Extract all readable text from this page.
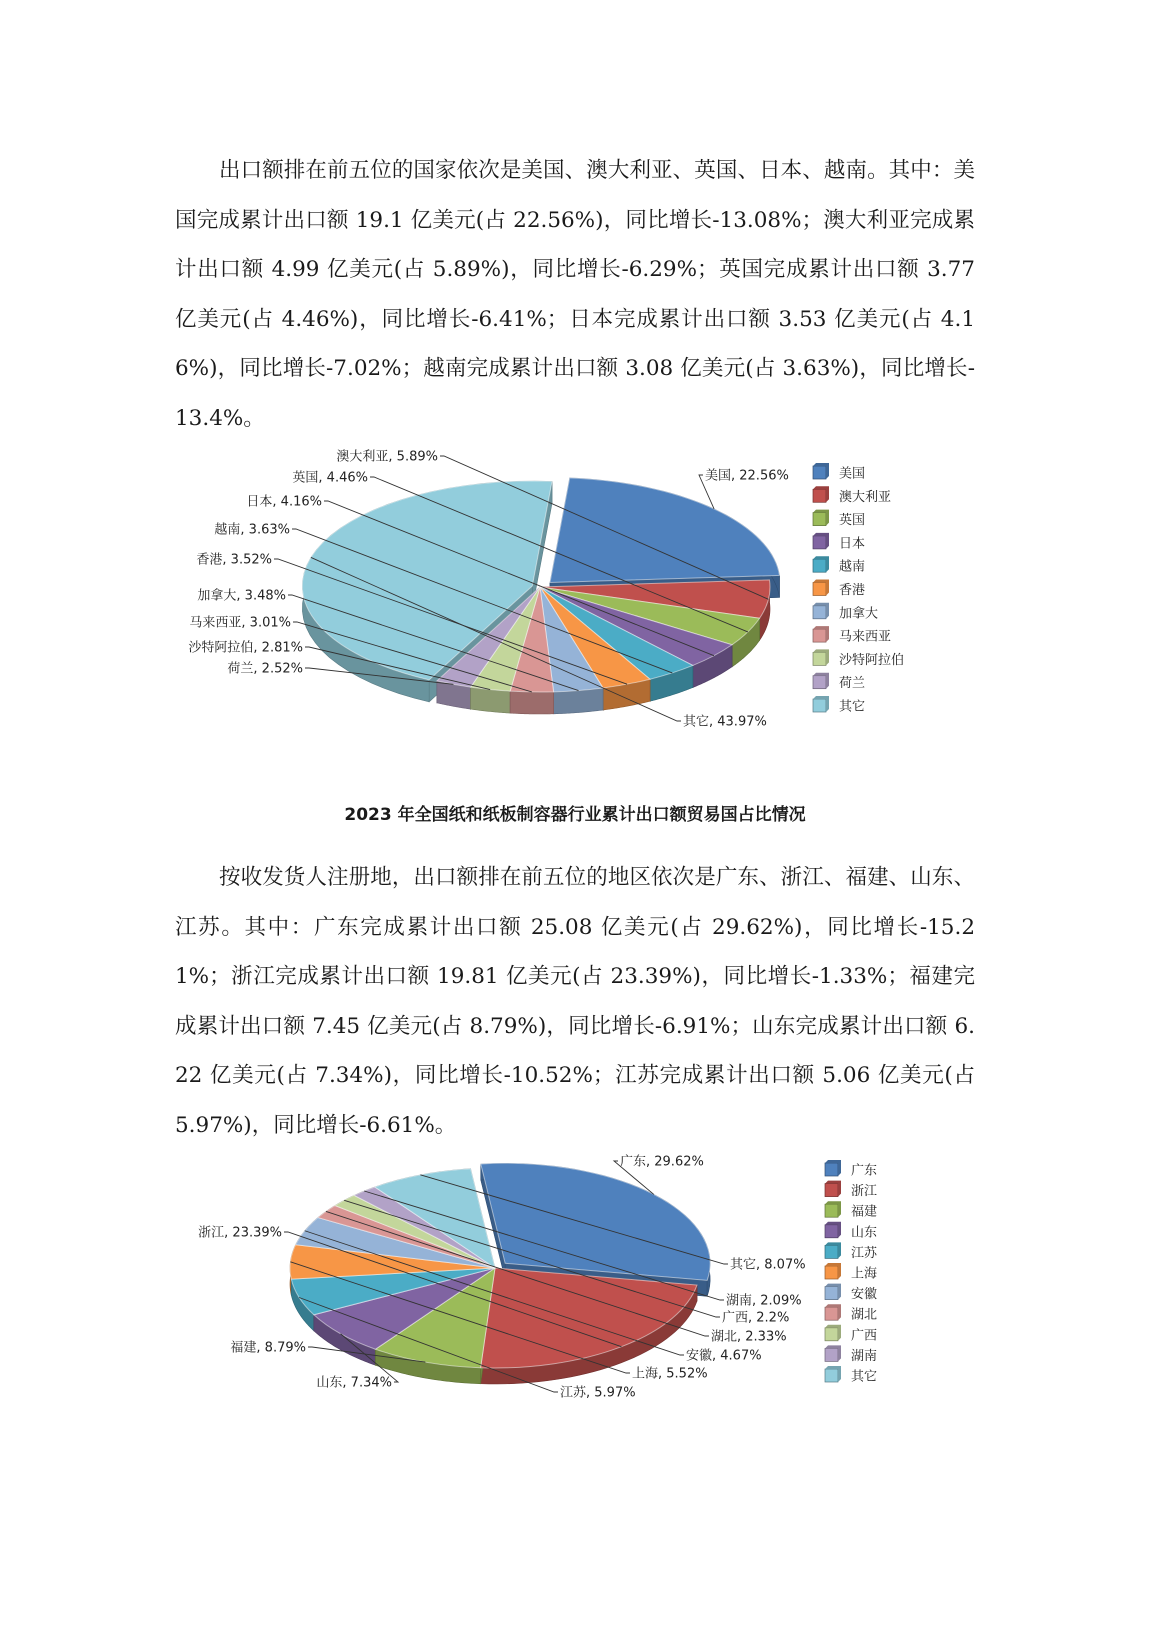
出口额排在前五位的国家依次是美国、澳大利亚、英国、日本、越南。其中：美国完成累计出口额 19.1 亿美元(占 22.56%)，同比增长-13.08%；澳大利亚完成累计出口额 4.99 亿美元(占 5.89%)，同比增长-6.29%；英国完成累计出口额 3.77 亿美元(占 4.46%)，同比增长-6.41%；日本完成累计出口额 3.53 亿美元(占 4.16%)，同比增长-7.02%；越南完成累计出口额 3.08 亿美元(占 3.63%)，同比增长-13.4%。

美国, 22.56%
澳大利亚, 5.89%
英国, 4.46%
日本, 4.16%
越南, 3.63%
香港, 3.52%
加拿大, 3.48%
马来西亚, 3.01%
沙特阿拉伯, 2.81%
荷兰, 2.52%
其它, 43.97%
美国
澳大利亚
英国
日本
越南
香港
加拿大
马来西亚
沙特阿拉伯
荷兰
其它
2023 年全国纸和纸板制容器行业累计出口额贸易国占比情况

按收发货人注册地，出口额排在前五位的地区依次是广东、浙江、福建、山东、江苏。其中：广东完成累计出口额 25.08 亿美元(占 29.62%)，同比增长-15.21%；浙江完成累计出口额 19.81 亿美元(占 23.39%)，同比增长-1.33%；福建完成累计出口额 7.45 亿美元(占 8.79%)，同比增长-6.91%；山东完成累计出口额 6.22 亿美元(占 7.34%)，同比增长-10.52%；江苏完成累计出口额 5.06 亿美元(占 5.97%)，同比增长-6.61%。

广东, 29.62%
浙江, 23.39%
福建, 8.79%
山东, 7.34%
江苏, 5.97%
上海, 5.52%
安徽, 4.67%
湖北, 2.33%
广西, 2.2%
湖南, 2.09%
其它, 8.07%
广东
浙江
福建
山东
江苏
上海
安徽
湖北
广西
湖南
其它
